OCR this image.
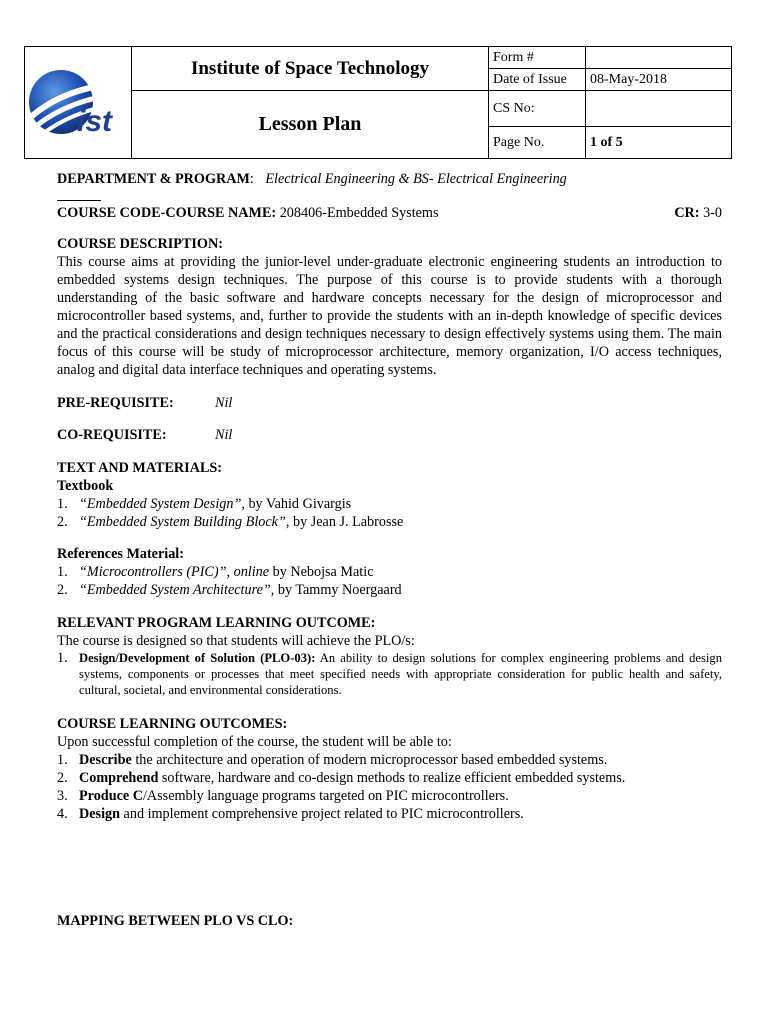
ist	Institute of Space Technology	Form #	
		Date of Issue	08-May-2018
	Lesson Plan	CS No:	
		Page No.	1 of 5
DEPARTMENT & PROGRAM: Electrical Engineering & BS- Electrical Engineering
COURSE CODE-COURSE NAME: 208406-Embedded Systems	CR: 3-0
COURSE DESCRIPTION:
This course aims at providing the junior-level under-graduate electronic engineering students an introduction to embedded systems design techniques. The purpose of this course is to provide students with a thorough understanding of the basic software and hardware concepts necessary for the design of microprocessor and microcontroller based systems, and, further to provide the students with an in-depth knowledge of specific devices and the practical considerations and design techniques necessary to design effectively systems using them. The main focus of this course will be study of microprocessor architecture, memory organization, I/O access techniques, analog and digital data interface techniques and operating systems.
PRE-REQUISITE:	Nil
CO-REQUISITE:	Nil
TEXT AND MATERIALS:
Textbook
1. “Embedded System Design”, by Vahid Givargis
2. “Embedded System Building Block”, by Jean J. Labrosse
References Material:
1. “Microcontrollers (PIC)”, online by Nebojsa Matic
2. “Embedded System Architecture”, by Tammy Noergaard
RELEVANT PROGRAM LEARNING OUTCOME:
The course is designed so that students will achieve the PLO/s:
1. Design/Development of Solution (PLO-03): An ability to design solutions for complex engineering problems and design systems, components or processes that meet specified needs with appropriate consideration for public health and safety, cultural, societal, and environmental considerations.
COURSE LEARNING OUTCOMES:
Upon successful completion of the course, the student will be able to:
1. Describe the architecture and operation of modern microprocessor based embedded systems.
2. Comprehend software, hardware and co-design methods to realize efficient embedded systems.
3. Produce C/Assembly language programs targeted on PIC microcontrollers.
4. Design and implement comprehensive project related to PIC microcontrollers.
MAPPING BETWEEN PLO VS CLO:
